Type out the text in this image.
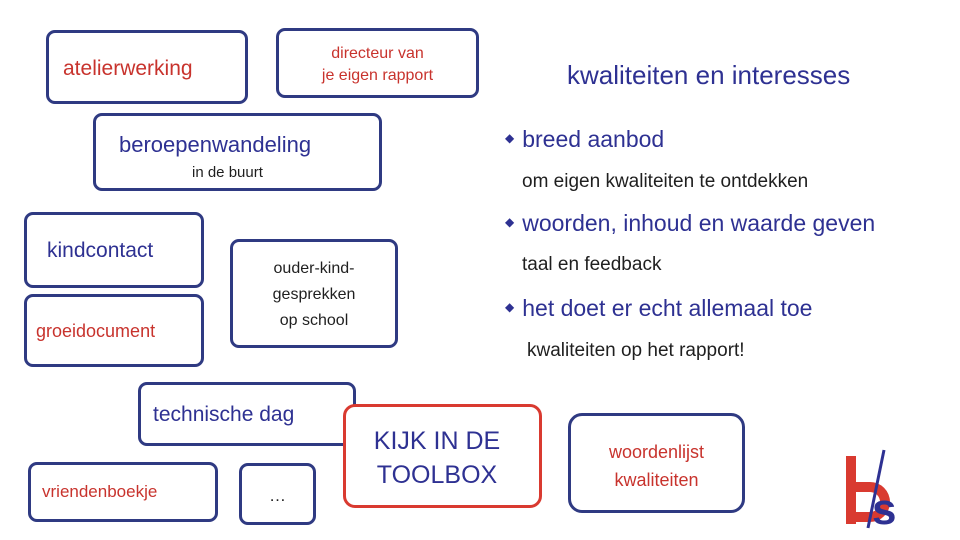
atelierwerking
directeur van
je eigen rapport
beroepenwandeling
in de buurt
kindcontact
groeidocument
ouder-kind-
gesprekken
op school
technische dag
vriendenboekje	…
KIJK IN DE
TOOLBOX
woordenlijst
kwaliteiten
kwaliteiten en interesses
◆ breed aanbod
om eigen kwaliteiten te ontdekken
◆ woorden, inhoud en waarde geven
taal en feedback
◆ het doet er echt allemaal toe
kwaliteiten op het rapport!
s
